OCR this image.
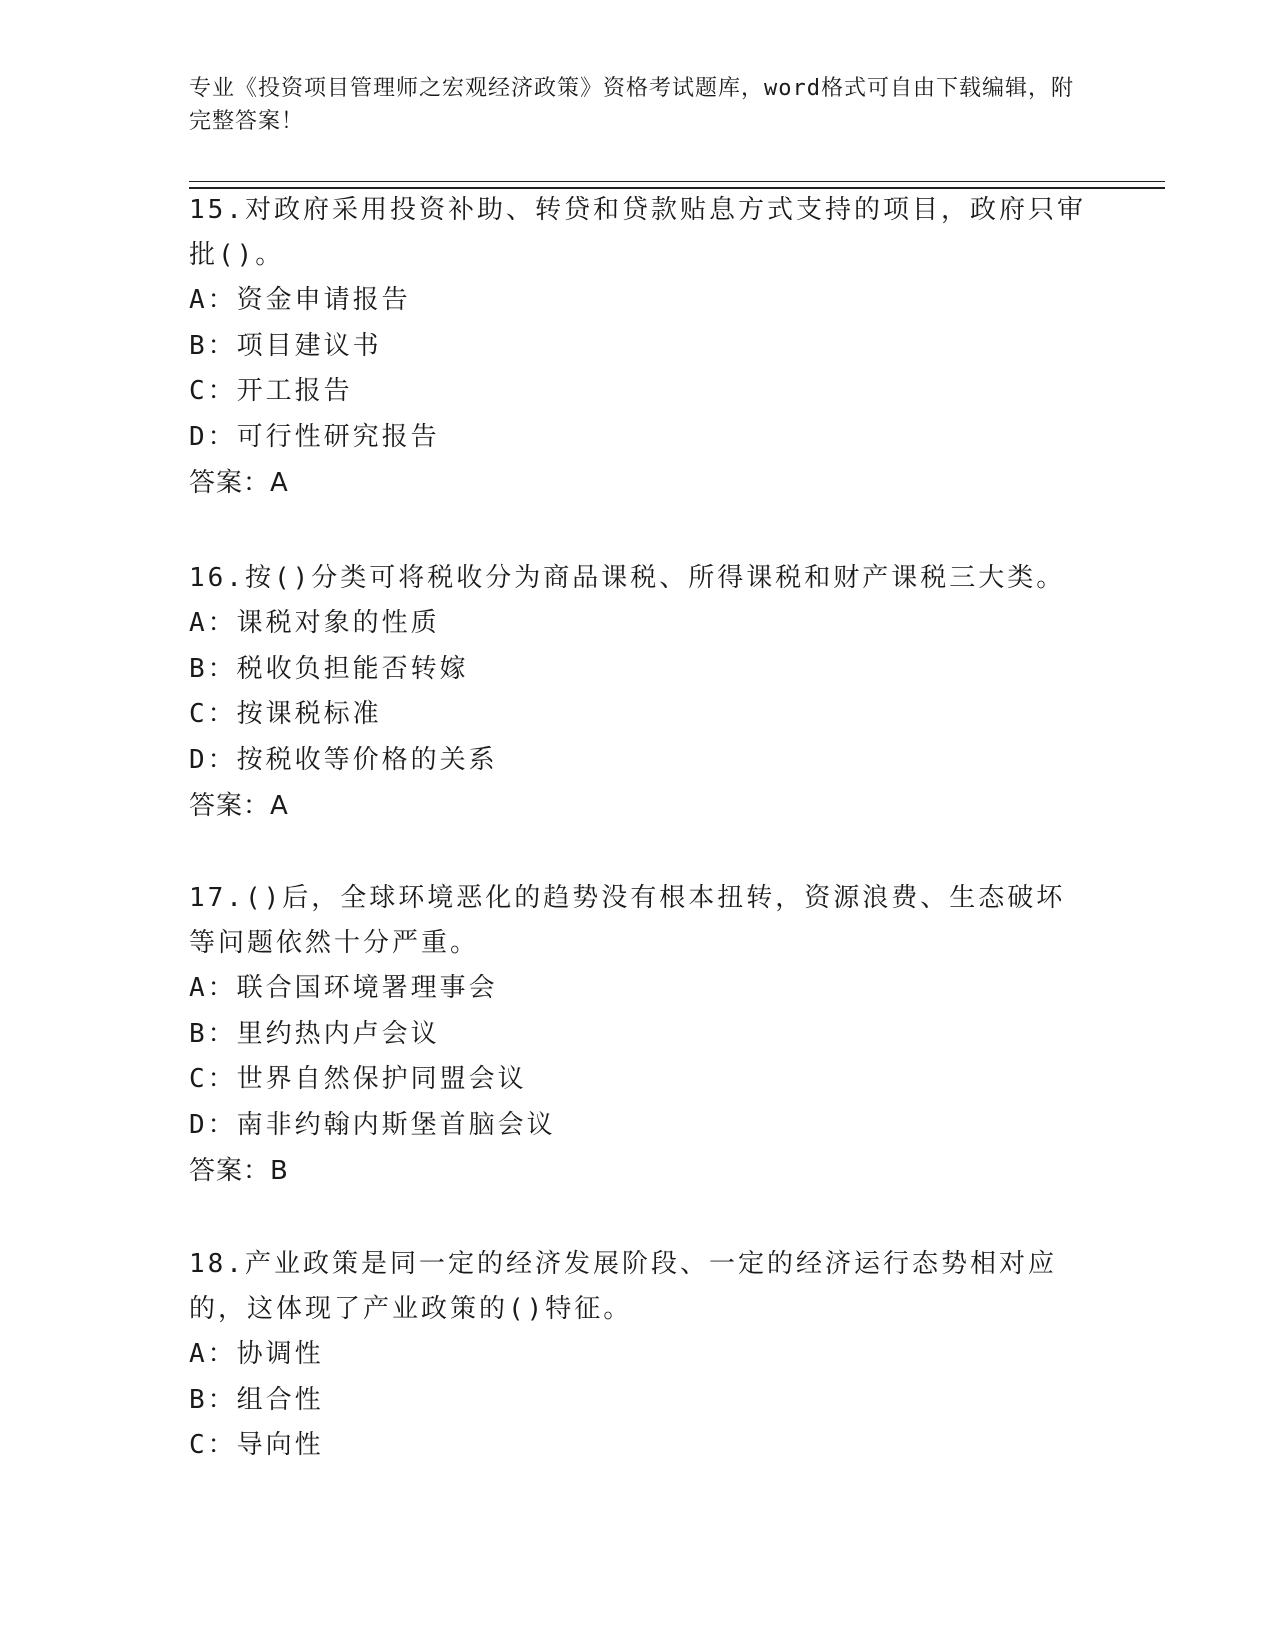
专业《投资项目管理师之宏观经济政策》资格考试题库，word格式可自由下载编辑，附完整答案！

15.对政府采用投资补助、转贷和贷款贴息方式支持的项目，政府只审批()。

A：资金申请报告

B：项目建议书

C：开工报告

D：可行性研究报告

答案：A

16.按()分类可将税收分为商品课税、所得课税和财产课税三大类。

A：课税对象的性质

B：税收负担能否转嫁

C：按课税标准

D：按税收等价格的关系

答案：A

17.()后，全球环境恶化的趋势没有根本扭转，资源浪费、生态破坏等问题依然十分严重。

A：联合国环境署理事会

B：里约热内卢会议

C：世界自然保护同盟会议

D：南非约翰内斯堡首脑会议

答案：B

18.产业政策是同一定的经济发展阶段、一定的经济运行态势相对应的，这体现了产业政策的()特征。

A：协调性

B：组合性

C：导向性
